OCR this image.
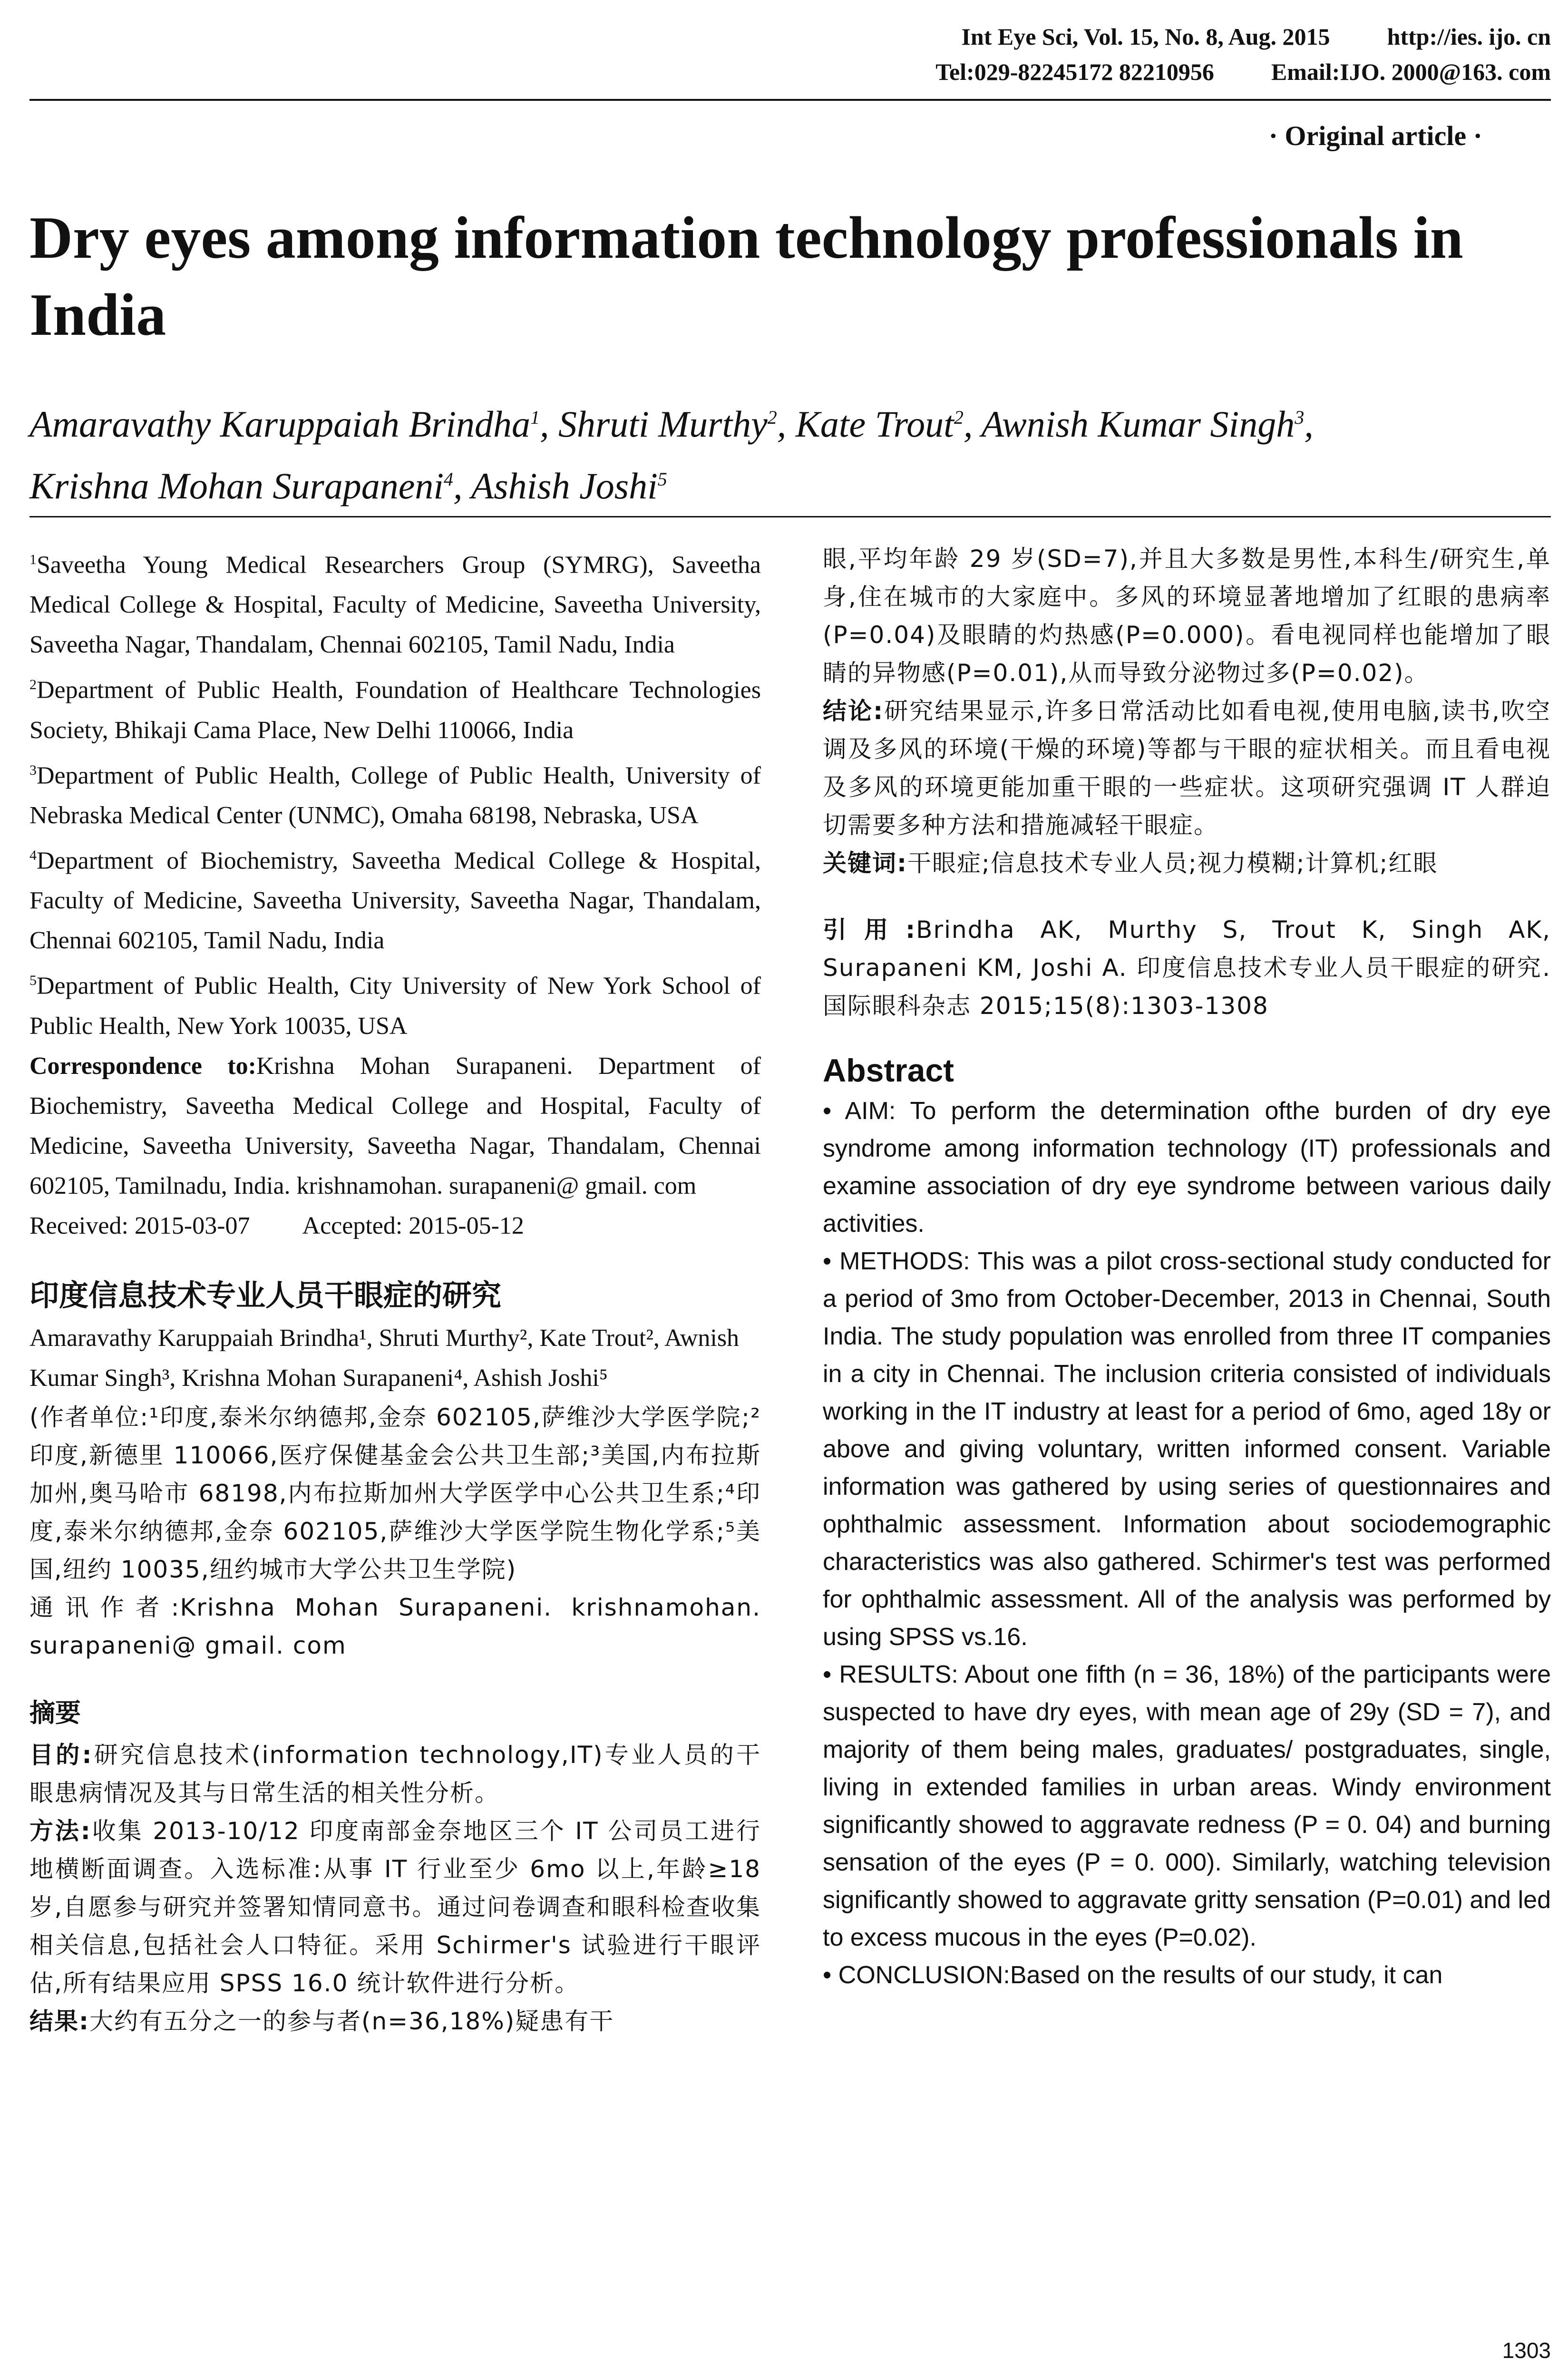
Int Eye Sci, Vol. 15, No. 8, Aug. 2015 http://ies. ijo. cn
Tel:029-82245172 82210956 Email:IJO. 2000@163. com
· Original article ·
Dry eyes among information technology professionals in India
Amaravathy Karuppaiah Brindha$^1$, Shruti Murthy$^2$, Kate Trout$^2$, Awnish Kumar Singh$^3$,
Krishna Mohan Surapaneni$^4$, Ashish Joshi$^5$

$^1$Saveetha Young Medical Researchers Group (SYMRG), Saveetha Medical College & Hospital, Faculty of Medicine, Saveetha University, Saveetha Nagar, Thandalam, Chennai 602105, Tamil Nadu, India

$^2$Department of Public Health, Foundation of Healthcare Technologies Society, Bhikaji Cama Place, New Delhi 110066, India

$^3$Department of Public Health, College of Public Health, University of Nebraska Medical Center (UNMC), Omaha 68198, Nebraska, USA

$^4$Department of Biochemistry, Saveetha Medical College & Hospital, Faculty of Medicine, Saveetha University, Saveetha Nagar, Thandalam, Chennai 602105, Tamil Nadu, India

$^5$Department of Public Health, City University of New York School of Public Health, New York 10035, USA

Correspondence to:Krishna Mohan Surapaneni. Department of Biochemistry, Saveetha Medical College and Hospital, Faculty of Medicine, Saveetha University, Saveetha Nagar, Thandalam, Chennai 602105, Tamilnadu, India. krishnamohan. surapaneni@ gmail. com

Received: 2015-03-07 Accepted: 2015-05-12

印度信息技术专业人员干眼症的研究

Amaravathy Karuppaiah Brindha¹, Shruti Murthy², Kate Trout², Awnish Kumar Singh³, Krishna Mohan Surapaneni⁴, Ashish Joshi⁵

(作者单位:¹印度,泰米尔纳德邦,金奈 602105,萨维沙大学医学院;²印度,新德里 110066,医疗保健基金会公共卫生部;³美国,内布拉斯加州,奥马哈市 68198,内布拉斯加州大学医学中心公共卫生系;⁴印度,泰米尔纳德邦,金奈 602105,萨维沙大学医学院生物化学系;⁵美国,纽约 10035,纽约城市大学公共卫生学院)

通讯作者:Krishna Mohan Surapaneni. krishnamohan. surapaneni@ gmail. com

摘要

目的:研究信息技术(information technology,IT)专业人员的干眼患病情况及其与日常生活的相关性分析。

方法:收集 2013-10/12 印度南部金奈地区三个 IT 公司员工进行地横断面调查。入选标准:从事 IT 行业至少 6mo 以上,年龄≥18 岁,自愿参与研究并签署知情同意书。通过问卷调查和眼科检查收集相关信息,包括社会人口特征。采用 Schirmer's 试验进行干眼评估,所有结果应用 SPSS 16.0 统计软件进行分析。

结果:大约有五分之一的参与者(n=36,18%)疑患有干

眼,平均年龄 29 岁(SD=7),并且大多数是男性,本科生/研究生,单身,住在城市的大家庭中。多风的环境显著地增加了红眼的患病率(P=0.04)及眼睛的灼热感(P=0.000)。看电视同样也能增加了眼睛的异物感(P=0.01),从而导致分泌物过多(P=0.02)。

结论:研究结果显示,许多日常活动比如看电视,使用电脑,读书,吹空调及多风的环境(干燥的环境)等都与干眼的症状相关。而且看电视及多风的环境更能加重干眼的一些症状。这项研究强调 IT 人群迫切需要多种方法和措施减轻干眼症。

关键词:干眼症;信息技术专业人员;视力模糊;计算机;红眼

引用:Brindha AK, Murthy S, Trout K, Singh AK, Surapaneni KM, Joshi A. 印度信息技术专业人员干眼症的研究. 国际眼科杂志 2015;15(8):1303-1308

Abstract

• AIM: To perform the determination ofthe burden of dry eye syndrome among information technology (IT) professionals and examine association of dry eye syndrome between various daily activities.

• METHODS: This was a pilot cross-sectional study conducted for a period of 3mo from October-December, 2013 in Chennai, South India. The study population was enrolled from three IT companies in a city in Chennai. The inclusion criteria consisted of individuals working in the IT industry at least for a period of 6mo, aged 18y or above and giving voluntary, written informed consent. Variable information was gathered by using series of questionnaires and ophthalmic assessment. Information about sociodemographic characteristics was also gathered. Schirmer's test was performed for ophthalmic assessment. All of the analysis was performed by using SPSS vs.16.

• RESULTS: About one fifth (n = 36, 18%) of the participants were suspected to have dry eyes, with mean age of 29y (SD = 7), and majority of them being males, graduates/ postgraduates, single, living in extended families in urban areas. Windy environment significantly showed to aggravate redness (P = 0. 04) and burning sensation of the eyes (P = 0. 000). Similarly, watching television significantly showed to aggravate gritty sensation (P=0.01) and led to excess mucous in the eyes (P=0.02).

• CONCLUSION:Based on the results of our study, it can

1303
